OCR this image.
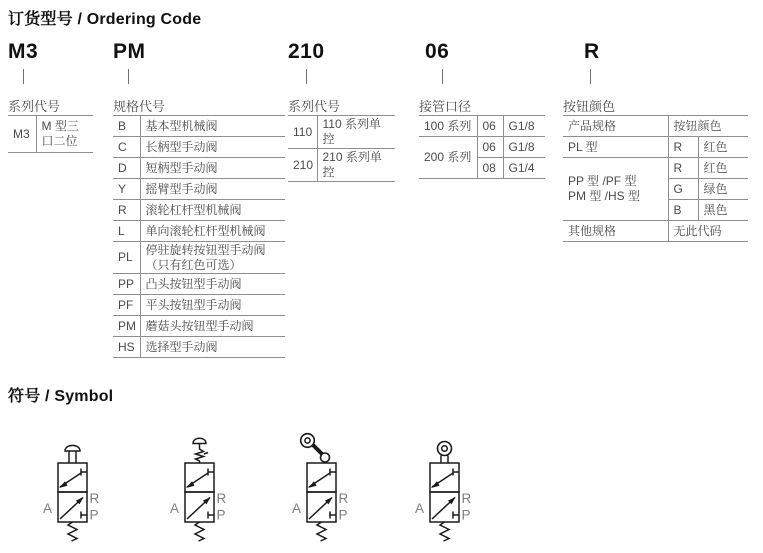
订货型号 / Ordering Code
符号 / Symbol
M3	PM	210	06	R
系列代号	规格代号	系列代号	接管口径	按钮颜色
M3	M 型三口二位
B	基本型机械阀
C	长柄型手动阀
D	短柄型手动阀
Y	摇臂型手动阀
R	滚轮杠杆型机械阀
L	单向滚轮杠杆型机械阀
PL	停驻旋转按钮型手动阀
（只有红色可选）

PP	凸头按钮型手动阀
PF	平头按钮型手动阀
PM	蘑菇头按钮型手动阀
HS	选择型手动阀
110	110 系列单控
210	210 系列单控
100 系列	06	G1/8
200 系列	06	G1/8
	08	G1/4
产品规格	按钮颜色	
PL 型	R	红色

PP 型 /PF 型
PM 型 /HS 型	R	红色
	G	绿色
	B	黑色
其他规格	无此代码	
A
R
P	A
R
P	A
R
P	A
R
P
